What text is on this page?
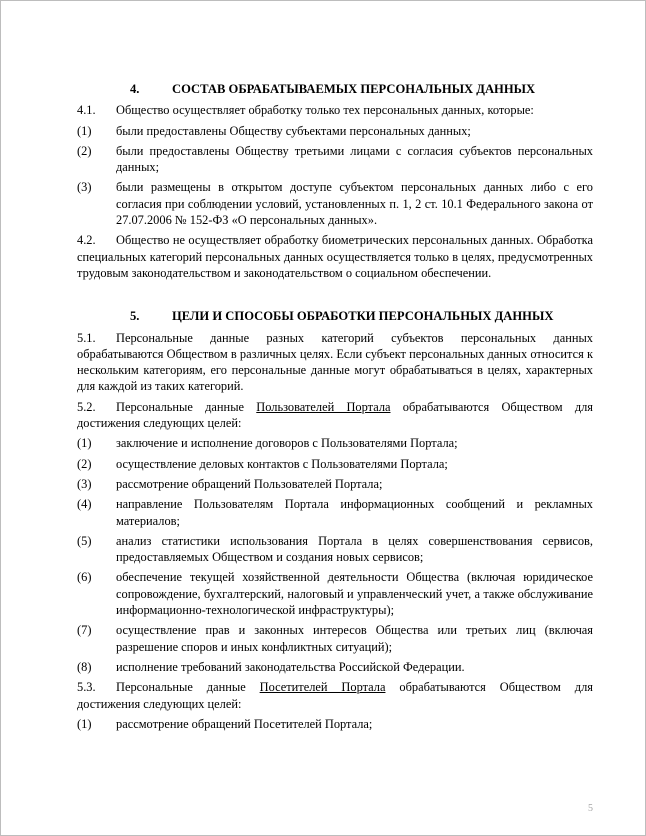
4.	СОСТАВ ОБРАБАТЫВАЕМЫХ ПЕРСОНАЛЬНЫХ ДАННЫХ
4.1.	Общество осуществляет обработку только тех персональных данных, которые:
(1)	были предоставлены Обществу субъектами персональных данных;
(2)	были предоставлены Обществу третьими лицами с согласия субъектов персональных данных;
(3)	были размещены в открытом доступе субъектом персональных данных либо с его согласия при соблюдении условий, установленных п. 1, 2 ст. 10.1 Федерального закона от 27.07.2006 № 152-ФЗ «О персональных данных».
4.2. Общество не осуществляет обработку биометрических персональных данных. Обработка специальных категорий персональных данных осуществляется только в целях, предусмотренных трудовым законодательством и законодательством о социальном обеспечении.
5.	ЦЕЛИ И СПОСОБЫ ОБРАБОТКИ ПЕРСОНАЛЬНЫХ ДАННЫХ
5.1. Персональные данные разных категорий субъектов персональных данных обрабатываются Обществом в различных целях. Если субъект персональных данных относится к нескольким категориям, его персональные данные могут обрабатываться в целях, характерных для каждой из таких категорий.
5.2. Персональные данные Пользователей Портала обрабатываются Обществом для достижения следующих целей:
(1)	заключение и исполнение договоров с Пользователями Портала;
(2)	осуществление деловых контактов с Пользователями Портала;
(3)	рассмотрение обращений Пользователей Портала;
(4)	направление Пользователям Портала информационных сообщений и рекламных материалов;
(5)	анализ статистики использования Портала в целях совершенствования сервисов, предоставляемых Обществом и создания новых сервисов;
(6)	обеспечение текущей хозяйственной деятельности Общества (включая юридическое сопровождение, бухгалтерский, налоговый и управленческий учет, а также обслуживание информационно-технологической инфраструктуры);
(7)	осуществление прав и законных интересов Общества или третьих лиц (включая разрешение споров и иных конфликтных ситуаций);
(8)	исполнение требований законодательства Российской Федерации.
5.3. Персональные данные Посетителей Портала обрабатываются Обществом для достижения следующих целей:
(1)	рассмотрение обращений Посетителей Портала;
5
